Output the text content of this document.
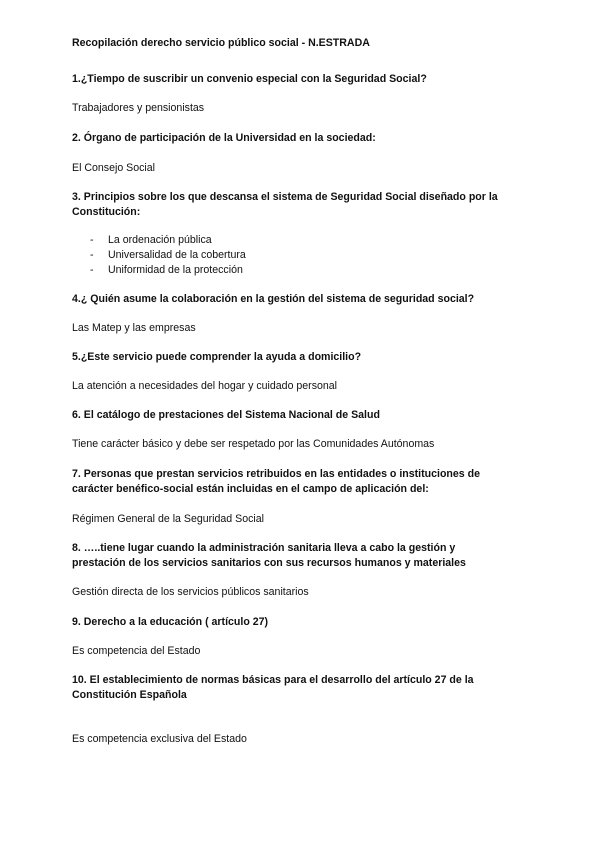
Recopilación derecho servicio público social - N.ESTRADA
1.¿Tiempo de suscribir un convenio especial con la Seguridad Social?
Trabajadores y pensionistas
2. Órgano de participación de la Universidad en la sociedad:
El Consejo Social
3. Principios sobre los que descansa el sistema de Seguridad Social diseñado por la
Constitución:
- La ordenación pública
- Universalidad de la cobertura
- Uniformidad de la protección
4.¿ Quién asume la colaboración en la gestión del sistema de seguridad social?
Las Matep y las empresas
5.¿Este servicio puede comprender la ayuda a domicilio?
La atención a necesidades del hogar y cuidado personal
6. El catálogo de prestaciones del Sistema Nacional de Salud
Tiene carácter básico y debe ser respetado por las Comunidades Autónomas
7. Personas que prestan servicios retribuidos en las entidades o instituciones de
carácter benéfico-social están incluidas en el campo de aplicación del:
Régimen General de la Seguridad Social
8. …..tiene lugar cuando la administración sanitaria lleva a cabo la gestión y
prestación de los servicios sanitarios con sus recursos humanos y materiales
Gestión directa de los servicios públicos sanitarios
9. Derecho a la educación ( artículo 27)
Es competencia del Estado
10. El establecimiento de normas básicas para el desarrollo del artículo 27 de la
Constitución Española
Es competencia exclusiva del Estado
